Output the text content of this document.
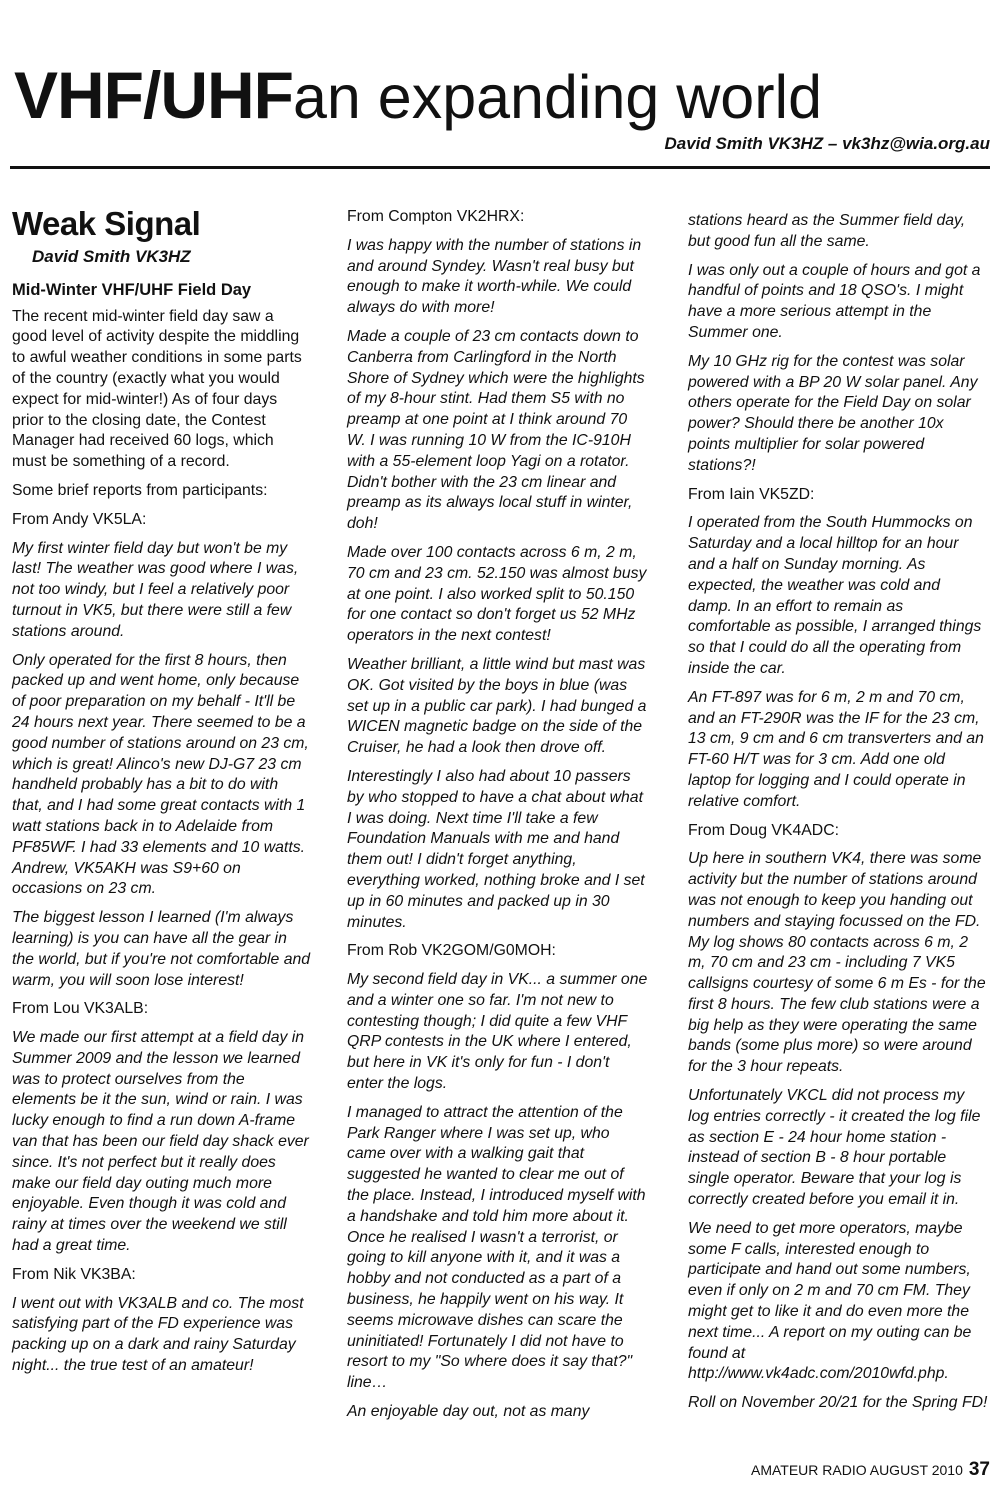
VHF/UHFan expanding world
David Smith VK3HZ – vk3hz@wia.org.au
Weak Signal
David Smith VK3HZ
Mid-Winter VHF/UHF Field Day

The recent mid-winter field day saw a good level of activity despite the middling to awful weather conditions in some parts of the country (exactly what you would expect for mid-winter!) As of four days prior to the closing date, the Contest Manager had received 60 logs, which must be something of a record.

Some brief reports from participants:

From Andy VK5LA:

My first winter field day but won't be my last! The weather was good where I was, not too windy, but I feel a relatively poor turnout in VK5, but there were still a few stations around.

Only operated for the first 8 hours, then packed up and went home, only because of poor preparation on my behalf - It'll be 24 hours next year. There seemed to be a good number of stations around on 23 cm, which is great! Alinco's new DJ-G7 23 cm handheld probably has a bit to do with that, and I had some great contacts with 1 watt stations back in to Adelaide from PF85WF. I had 33 elements and 10 watts. Andrew, VK5AKH was S9+60 on occasions on 23 cm.

The biggest lesson I learned (I'm always learning) is you can have all the gear in the world, but if you're not comfortable and warm, you will soon lose interest!

From Lou VK3ALB:

We made our first attempt at a field day in Summer 2009 and the lesson we learned was to protect ourselves from the elements be it the sun, wind or rain. I was lucky enough to find a run down A-frame van that has been our field day shack ever since. It's not perfect but it really does make our field day outing much more enjoyable. Even though it was cold and rainy at times over the weekend we still had a great time.

From Nik VK3BA:

I went out with VK3ALB and co. The most satisfying part of the FD experience was packing up on a dark and rainy Saturday night... the true test of an amateur!

From Compton VK2HRX:

I was happy with the number of stations in and around Syndey. Wasn't real busy but enough to make it worth-while. We could always do with more!

Made a couple of 23 cm contacts down to Canberra from Carlingford in the North Shore of Sydney which were the highlights of my 8-hour stint. Had them S5 with no preamp at one point at I think around 70 W. I was running 10 W from the IC-910H with a 55-element loop Yagi on a rotator. Didn't bother with the 23 cm linear and preamp as its always local stuff in winter, doh!

Made over 100 contacts across 6 m, 2 m, 70 cm and 23 cm. 52.150 was almost busy at one point. I also worked split to 50.150 for one contact so don't forget us 52 MHz operators in the next contest!

Weather brilliant, a little wind but mast was OK. Got visited by the boys in blue (was set up in a public car park). I had bunged a WICEN magnetic badge on the side of the Cruiser, he had a look then drove off.

Interestingly I also had about 10 passers by who stopped to have a chat about what I was doing. Next time I'll take a few Foundation Manuals with me and hand them out! I didn't forget anything, everything worked, nothing broke and I set up in 60 minutes and packed up in 30 minutes.

From Rob VK2GOM/G0MOH:

My second field day in VK... a summer one and a winter one so far. I'm not new to contesting though; I did quite a few VHF QRP contests in the UK where I entered, but here in VK it's only for fun - I don't enter the logs.

I managed to attract the attention of the Park Ranger where I was set up, who came over with a walking gait that suggested he wanted to clear me out of the place. Instead, I introduced myself with a handshake and told him more about it. Once he realised I wasn't a terrorist, or going to kill anyone with it, and it was a hobby and not conducted as a part of a business, he happily went on his way. It seems microwave dishes can scare the uninitiated! Fortunately I did not have to resort to my "So where does it say that?" line…

An enjoyable day out, not as many

stations heard as the Summer field day, but good fun all the same.

I was only out a couple of hours and got a handful of points and 18 QSO's. I might have a more serious attempt in the Summer one.

My 10 GHz rig for the contest was solar powered with a BP 20 W solar panel. Any others operate for the Field Day on solar power? Should there be another 10x points multiplier for solar powered stations?!

From Iain VK5ZD:

I operated from the South Hummocks on Saturday and a local hilltop for an hour and a half on Sunday morning. As expected, the weather was cold and damp. In an effort to remain as comfortable as possible, I arranged things so that I could do all the operating from inside the car.

An FT-897 was for 6 m, 2 m and 70 cm, and an FT-290R was the IF for the 23 cm, 13 cm, 9 cm and 6 cm transverters and an FT-60 H/T was for 3 cm. Add one old laptop for logging and I could operate in relative comfort.

From Doug VK4ADC:

Up here in southern VK4, there was some activity but the number of stations around was not enough to keep you handing out numbers and staying focussed on the FD. My log shows 80 contacts across 6 m, 2 m, 70 cm and 23 cm - including 7 VK5 callsigns courtesy of some 6 m Es - for the first 8 hours. The few club stations were a big help as they were operating the same bands (some plus more) so were around for the 3 hour repeats.

Unfortunately VKCL did not process my log entries correctly - it created the log file as section E - 24 hour home station - instead of section B - 8 hour portable single operator. Beware that your log is correctly created before you email it in.

We need to get more operators, maybe some F calls, interested enough to participate and hand out some numbers, even if only on 2 m and 70 cm FM. They might get to like it and do even more the next time... A report on my outing can be found at http://www.vk4adc.com/2010wfd.php.

Roll on November 20/21 for the Spring FD!

AMATEUR RADIO AUGUST 2010 37
